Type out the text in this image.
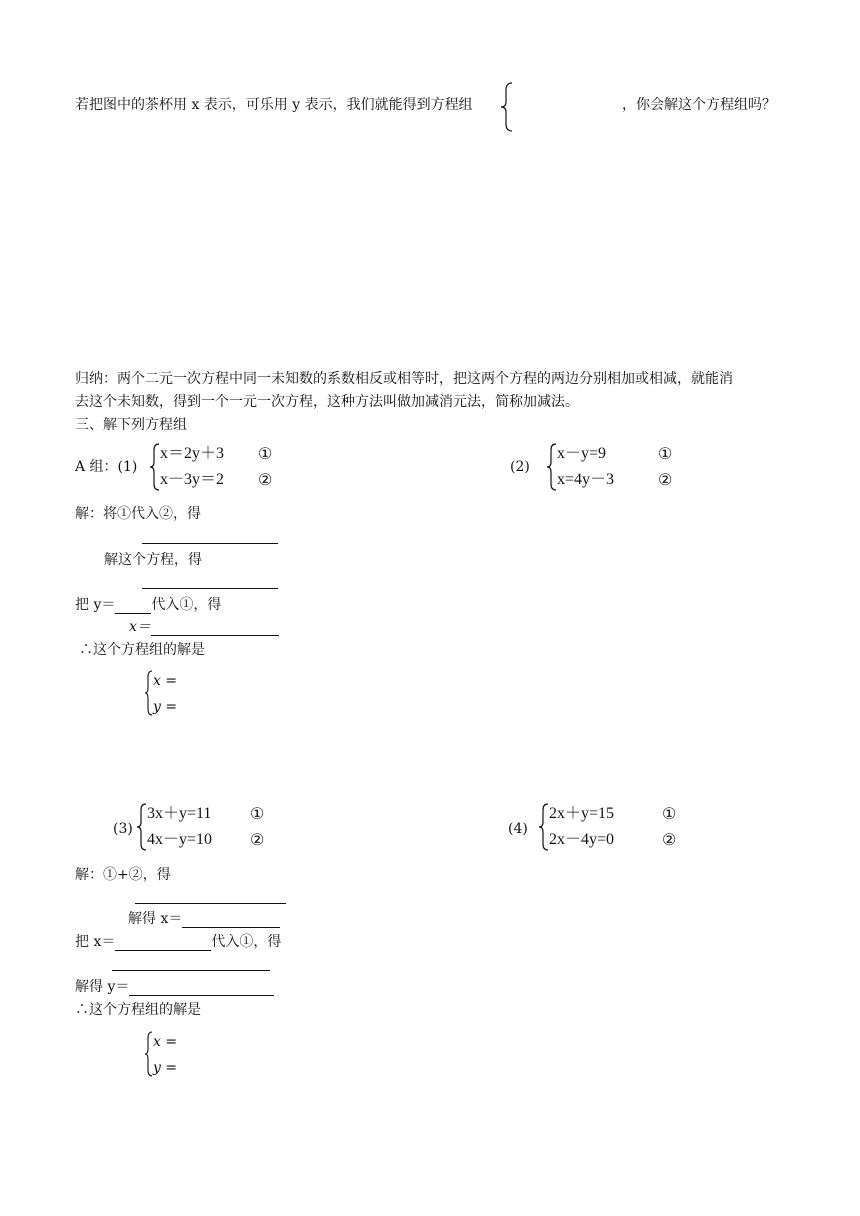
若把图中的茶杯用 x 表示，可乐用 y 表示，我们就能得到方程组	，你会解这个方程组吗？
归纳：两个二元一次方程中同一未知数的系数相反或相等时，把这两个方程的两边分别相加或相减，就能消
去这个未知数，得到一个一元一次方程，这种方法叫做加减消元法，简称加减法。
三、解下列方程组
A 组：(1)
x＝2y＋3
x－3y＝2
①
②
(2)
x－y=9
x=4y－3
①
②
解：将①代入②，得
解这个方程，得
把 y＝	代入①，得
x＝
∴这个方程组的解是
x =
y =
(3)
3x＋y=11
4x－y=10
①
②
(4)
2x＋y=15
2x－4y=0
①
②
解：①+②，得
解得 x＝
把 x＝	代入①，得
解得 y＝
∴这个方程组的解是
x =
y =
